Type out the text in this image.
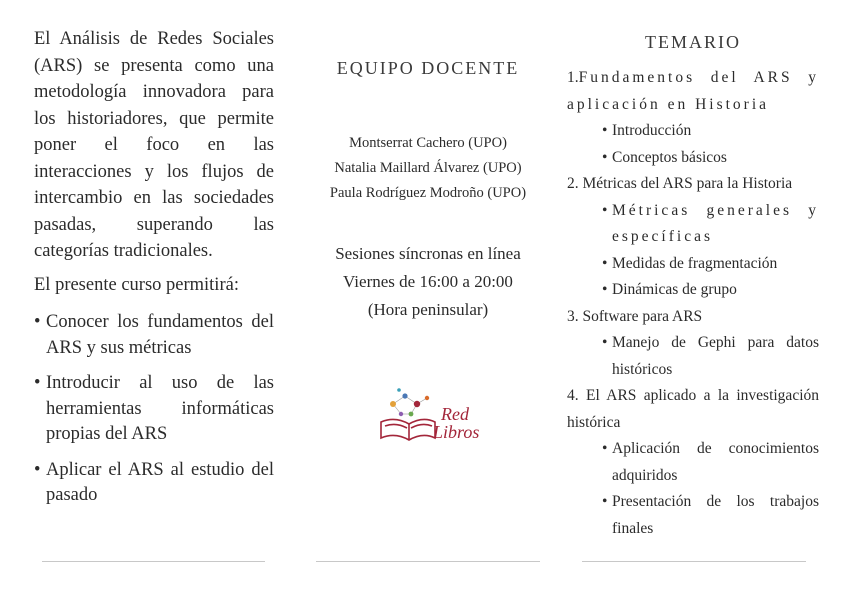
El Análisis de Redes Sociales (ARS) se presenta como una metodología innovadora para los historiadores, que permite poner el foco en las interacciones y los flujos de intercambio en las sociedades pasadas, superando las categorías tradicionales.

El presente curso permitirá:

• Conocer los fundamentos del ARS y sus métricas
• Introducir al uso de las herramientas informáticas propias del ARS
• Aplicar el ARS al estudio del pasado
EQUIPO DOCENTE
Montserrat Cachero (UPO)
Natalia Maillard Álvarez (UPO)
Paula Rodríguez Modroño (UPO)
Sesiones síncronas en línea
Viernes de 16:00 a 20:00
(Hora peninsular)
Red
Libros
TEMARIO
1.Fundamentos del ARS y aplicación en Historia
• Introducción
• Conceptos básicos
2. Métricas del ARS para la Historia
• Métricas generales y específicas
• Medidas de fragmentación
• Dinámicas de grupo
3. Software para ARS
• Manejo de Gephi para datos históricos
4. El ARS aplicado a la investigación histórica
• Aplicación de conocimientos adquiridos
• Presentación de los trabajos finales
